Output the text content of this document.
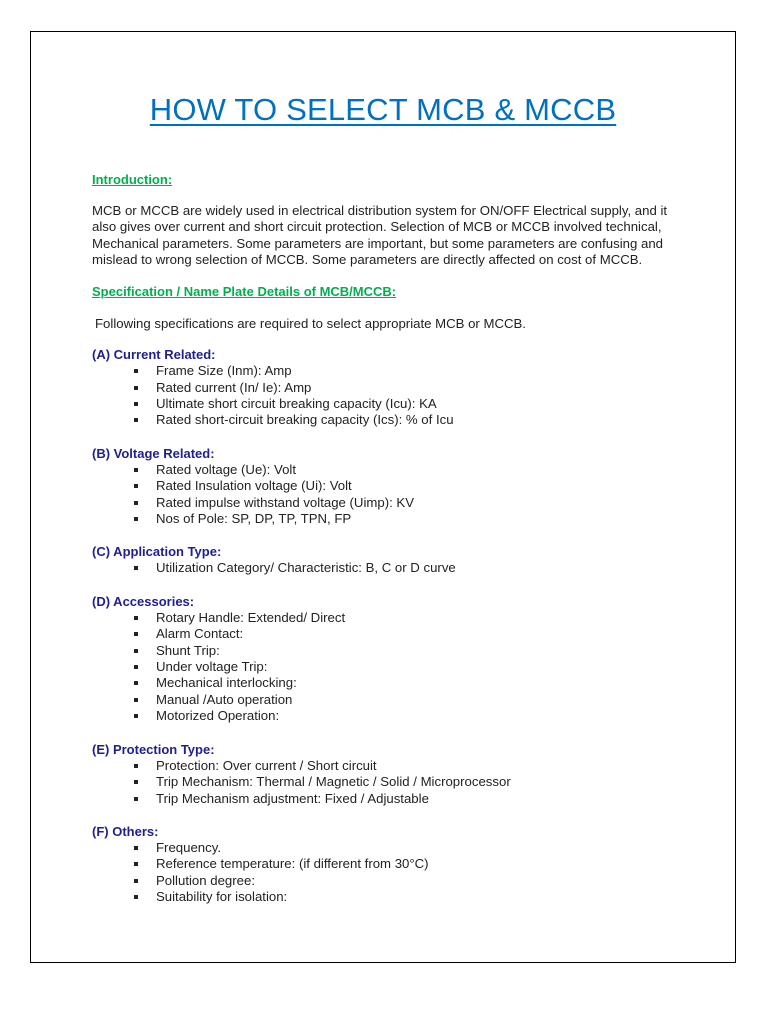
HOW TO SELECT MCB & MCCB

Introduction:

MCB or MCCB are widely used in electrical distribution system for ON/OFF Electrical supply, and it also gives over current and short circuit protection. Selection of MCB or MCCB involved technical, Mechanical parameters. Some parameters are important, but some parameters are confusing and mislead to wrong selection of MCCB. Some parameters are directly affected on cost of MCCB.

Specification / Name Plate Details of MCB/MCCB:

Following specifications are required to select appropriate MCB or MCCB.

(A) Current Related:

Frame Size (Inm): Amp
Rated current (In/ Ie): Amp
Ultimate short circuit breaking capacity (Icu): KA
Rated short-circuit breaking capacity (Ics): % of Icu

(B) Voltage Related:

Rated voltage (Ue): Volt
Rated Insulation voltage (Ui): Volt
Rated impulse withstand voltage (Uimp): KV
Nos of Pole: SP, DP, TP, TPN, FP

(C) Application Type:

Utilization Category/ Characteristic: B, C or D curve

(D) Accessories:

Rotary Handle: Extended/ Direct
Alarm Contact:
Shunt Trip:
Under voltage Trip:
Mechanical interlocking:
Manual /Auto operation
Motorized Operation:

(E) Protection Type:

Protection: Over current / Short circuit
Trip Mechanism: Thermal / Magnetic / Solid / Microprocessor
Trip Mechanism adjustment: Fixed / Adjustable

(F) Others:

Frequency.
Reference temperature: (if different from 30°C)
Pollution degree:
Suitability for isolation:
